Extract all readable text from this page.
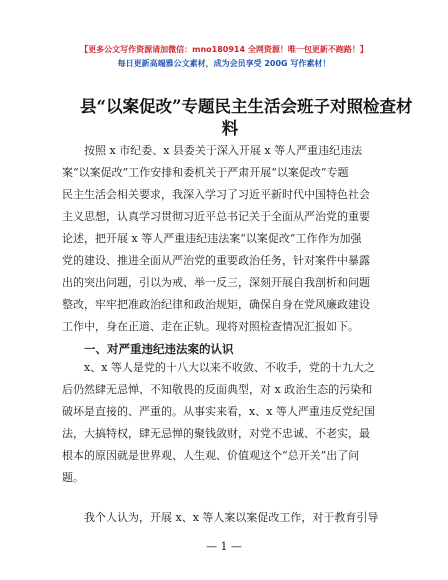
【更多公文写作资源请加微信：mno180914 全网资源！唯一包更新不跑路！】
每日更新高端雅公文素材，成为会员享受 200G 写作素材！
县“以案促改”专题民主生活会班子对照检查材
料
按照 x 市纪委、x 县委关于深入开展 x 等人严重违纪违法
案“以案促改”工作安排和委机关于严肃开展“以案促改”专题
民主生活会相关要求，我深入学习了习近平新时代中国特色社会
主义思想，认真学习贯彻习近平总书记关于全面从严治党的重要
论述，把开展 x 等人严重违纪违法案“以案促改”工作作为加强
党的建设、推进全面从严治党的重要政治任务，针对案件中暴露
出的突出问题，引以为戒、举一反三，深刻开展自我剖析和问题
整改，牢牢把准政治纪律和政治规矩，确保自身在党风廉政建设
工作中，身在正道、走在正轨。现将对照检查情况汇报如下。
一、对严重违纪违法案的认识
x、x 等人是党的十八大以来不收敛、不收手，党的十九大之
后仍然肆无忌惮、不知敬畏的反面典型，对 x 政治生态的污染和
破坏是直接的、严重的。从事实来看，x、x 等人严重违反党纪国
法，大搞特权，肆无忌惮的聚钱敛财，对党不忠诚、不老实，最
根本的原因就是世界观、人生观、价值观这个“总开关”出了问
题。
我个人认为，开展 x、x 等人案以案促改工作，对于教育引导
— 1 —
